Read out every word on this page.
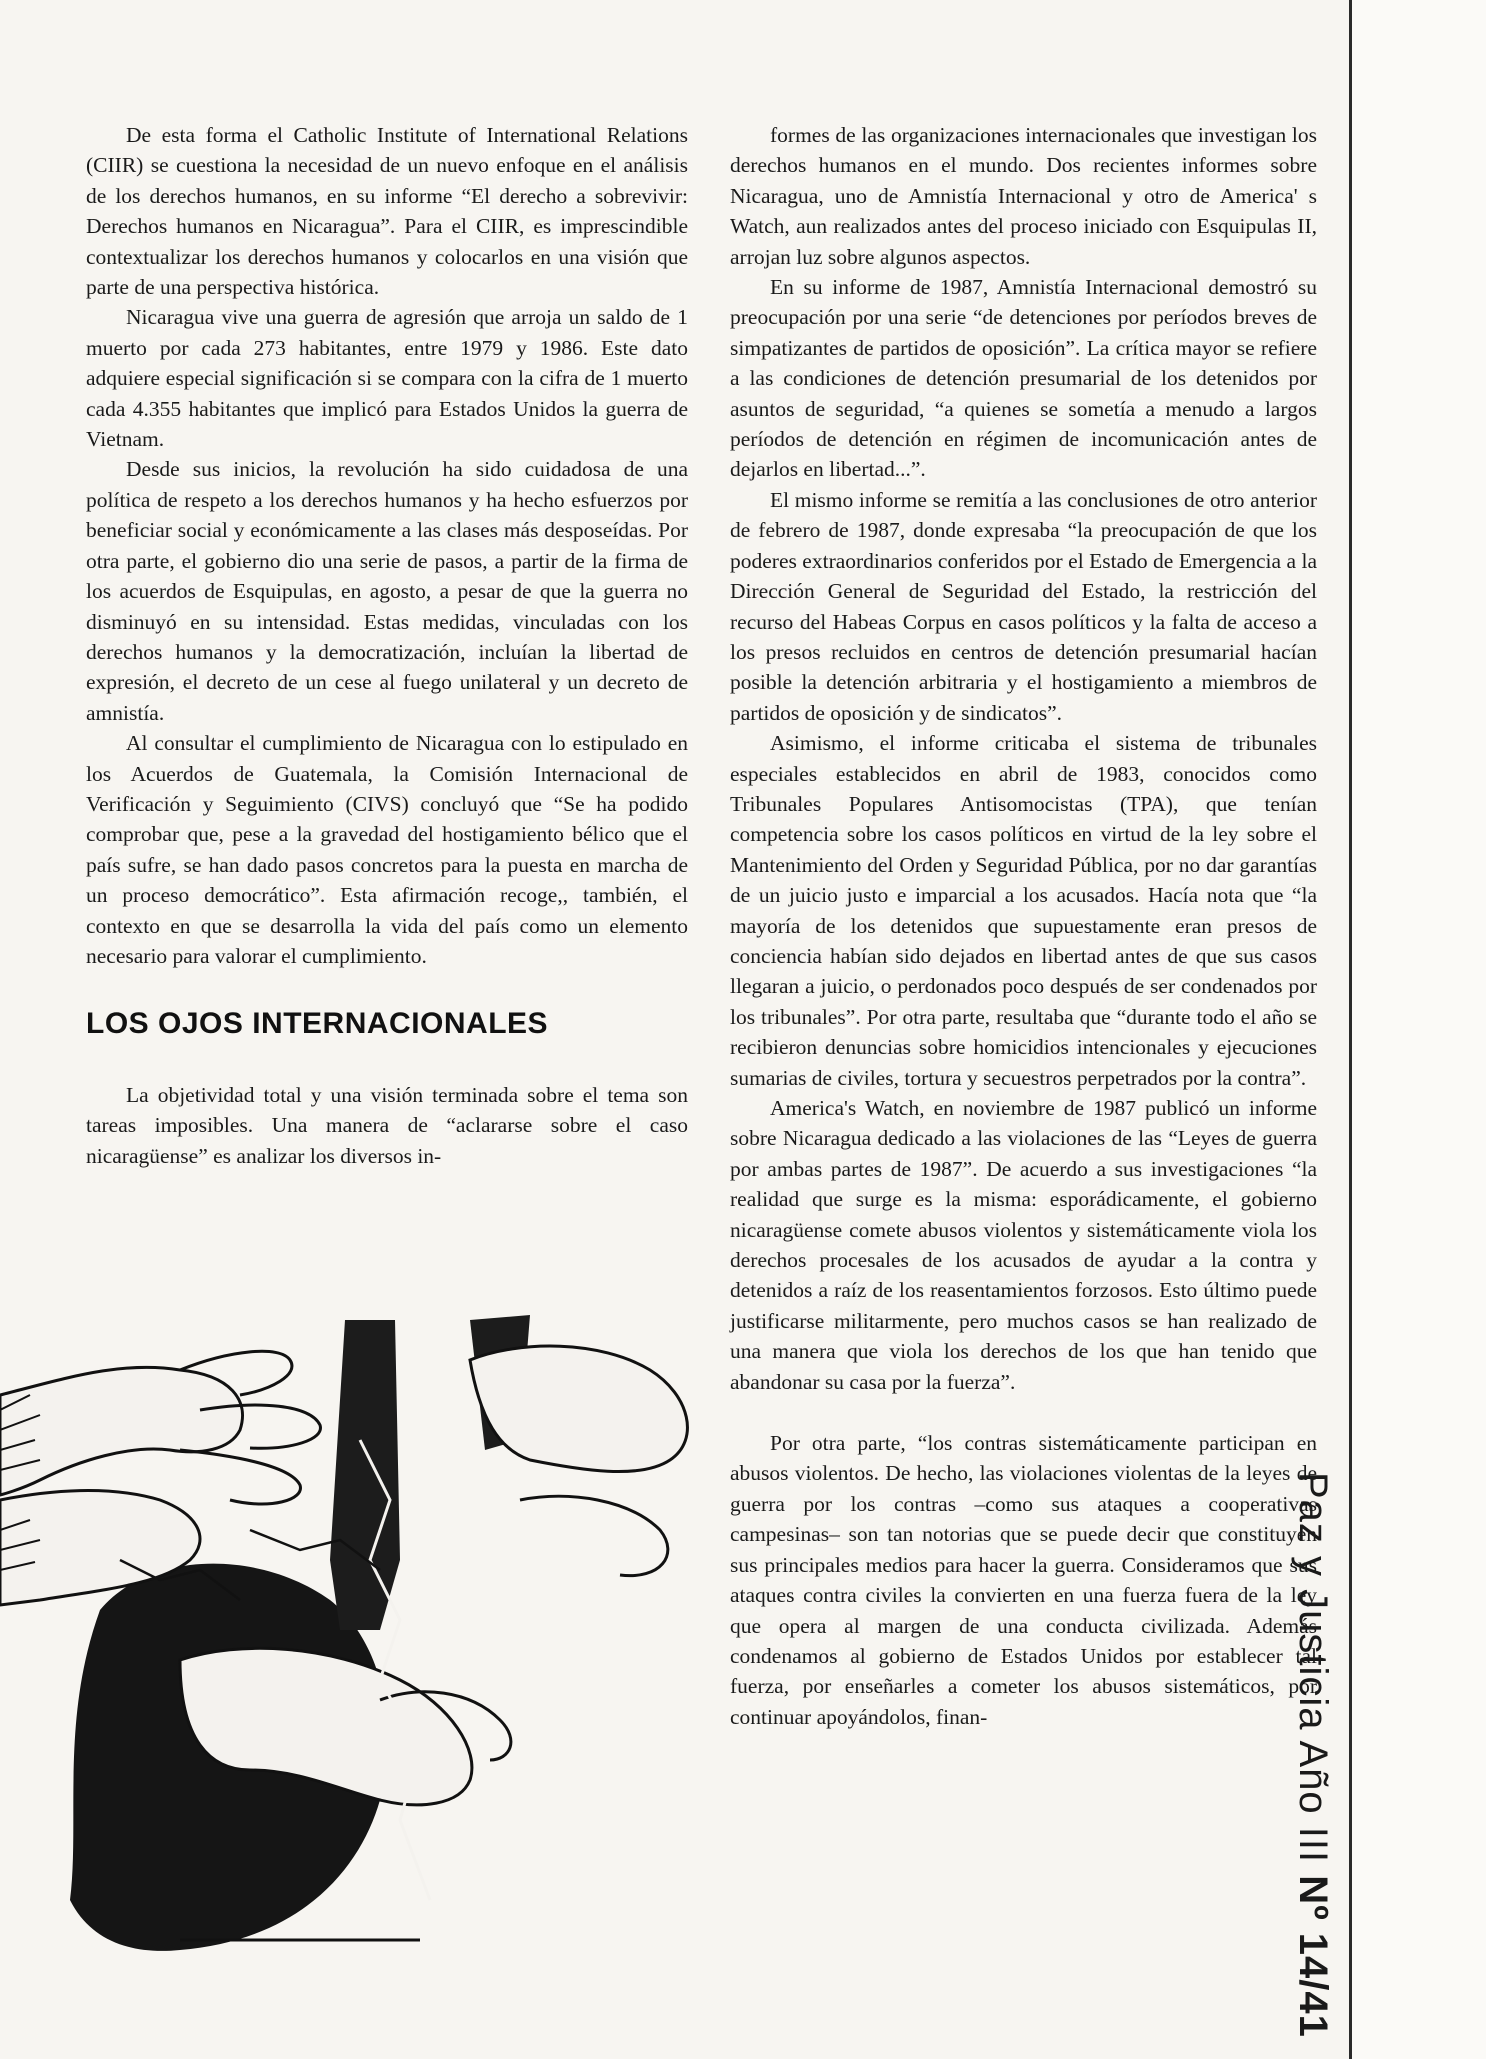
Paz y Justicia Año III Nº 14/41

De esta forma el Catholic Institute of International Relations (CIIR) se cuestiona la necesidad de un nuevo enfoque en el análisis de los derechos humanos, en su informe “El derecho a sobrevivir: Derechos humanos en Nicaragua”. Para el CIIR, es imprescindible contextualizar los derechos humanos y colocarlos en una visión que parte de una perspectiva histórica.

Nicaragua vive una guerra de agresión que arroja un saldo de 1 muerto por cada 273 habitantes, entre 1979 y 1986. Este dato adquiere especial significación si se compara con la cifra de 1 muerto cada 4.355 habitantes que implicó para Estados Unidos la guerra de Vietnam.

Desde sus inicios, la revolución ha sido cuidadosa de una política de respeto a los derechos humanos y ha hecho esfuerzos por beneficiar social y económicamente a las clases más desposeídas. Por otra parte, el gobierno dio una serie de pasos, a partir de la firma de los acuerdos de Esquipulas, en agosto, a pesar de que la guerra no disminuyó en su intensidad. Estas medidas, vinculadas con los derechos humanos y la democratización, incluían la libertad de expresión, el decreto de un cese al fuego unilateral y un decreto de amnistía.

Al consultar el cumplimiento de Nicaragua con lo estipulado en los Acuerdos de Guatemala, la Comisión Internacional de Verificación y Seguimiento (CIVS) concluyó que “Se ha podido comprobar que, pese a la gravedad del hostigamiento bélico que el país sufre, se han dado pasos concretos para la puesta en marcha de un proceso democrático”. Esta afirmación recoge,, también, el contexto en que se desarrolla la vida del país como un elemento necesario para valorar el cumplimiento.

LOS OJOS INTERNACIONALES

La objetividad total y una visión terminada sobre el tema son tareas imposibles. Una manera de “aclararse sobre el caso nicaragüense” es analizar los diversos in-

formes de las organizaciones internacionales que investigan los derechos humanos en el mundo. Dos recientes informes sobre Nicaragua, uno de Amnistía Internacional y otro de America' s Watch, aun realizados antes del proceso iniciado con Esquipulas II, arrojan luz sobre algunos aspectos.

En su informe de 1987, Amnistía Internacional demostró su preocupación por una serie “de detenciones por períodos breves de simpatizantes de partidos de oposición”. La crítica mayor se refiere a las condiciones de detención presumarial de los detenidos por asuntos de seguridad, “a quienes se sometía a menudo a largos períodos de detención en régimen de incomunicación antes de dejarlos en libertad...”.

El mismo informe se remitía a las conclusiones de otro anterior de febrero de 1987, donde expresaba “la preocupación de que los poderes extraordinarios conferidos por el Estado de Emergencia a la Dirección General de Seguridad del Estado, la restricción del recurso del Habeas Corpus en casos políticos y la falta de acceso a los presos recluidos en centros de detención presumarial hacían posible la detención arbitraria y el hostigamiento a miembros de partidos de oposición y de sindicatos”.

Asimismo, el informe criticaba el sistema de tribunales especiales establecidos en abril de 1983, conocidos como Tribunales Populares Antisomocistas (TPA), que tenían competencia sobre los casos políticos en virtud de la ley sobre el Mantenimiento del Orden y Seguridad Pública, por no dar garantías de un juicio justo e imparcial a los acusados. Hacía nota que “la mayoría de los detenidos que supuestamente eran presos de conciencia habían sido dejados en libertad antes de que sus casos llegaran a juicio, o perdonados poco después de ser condenados por los tribunales”. Por otra parte, resultaba que “durante todo el año se recibieron denuncias sobre homicidios intencionales y ejecuciones sumarias de civiles, tortura y secuestros perpetrados por la contra”.

America's Watch, en noviembre de 1987 publicó un informe sobre Nicaragua dedicado a las violaciones de las “Leyes de guerra por ambas partes de 1987”. De acuerdo a sus investigaciones “la realidad que surge es la misma: esporádicamente, el gobierno nicaragüense comete abusos violentos y sistemáticamente viola los derechos procesales de los acusados de ayudar a la contra y detenidos a raíz de los reasentamientos forzosos. Esto último puede justificarse militarmente, pero muchos casos se han realizado de una manera que viola los derechos de los que han tenido que abandonar su casa por la fuerza”.

Por otra parte, “los contras sistemáticamente participan en abusos violentos. De hecho, las violaciones violentas de la leyes de guerra por los contras –como sus ataques a cooperativas campesinas– son tan notorias que se puede decir que constituyen sus principales medios para hacer la guerra. Consideramos que sus ataques contra civiles la convierten en una fuerza fuera de la ley que opera al margen de una conducta civilizada. Además condenamos al gobierno de Estados Unidos por establecer tal fuerza, por enseñarles a cometer los abusos sistemáticos, por continuar apoyándolos, finan-
